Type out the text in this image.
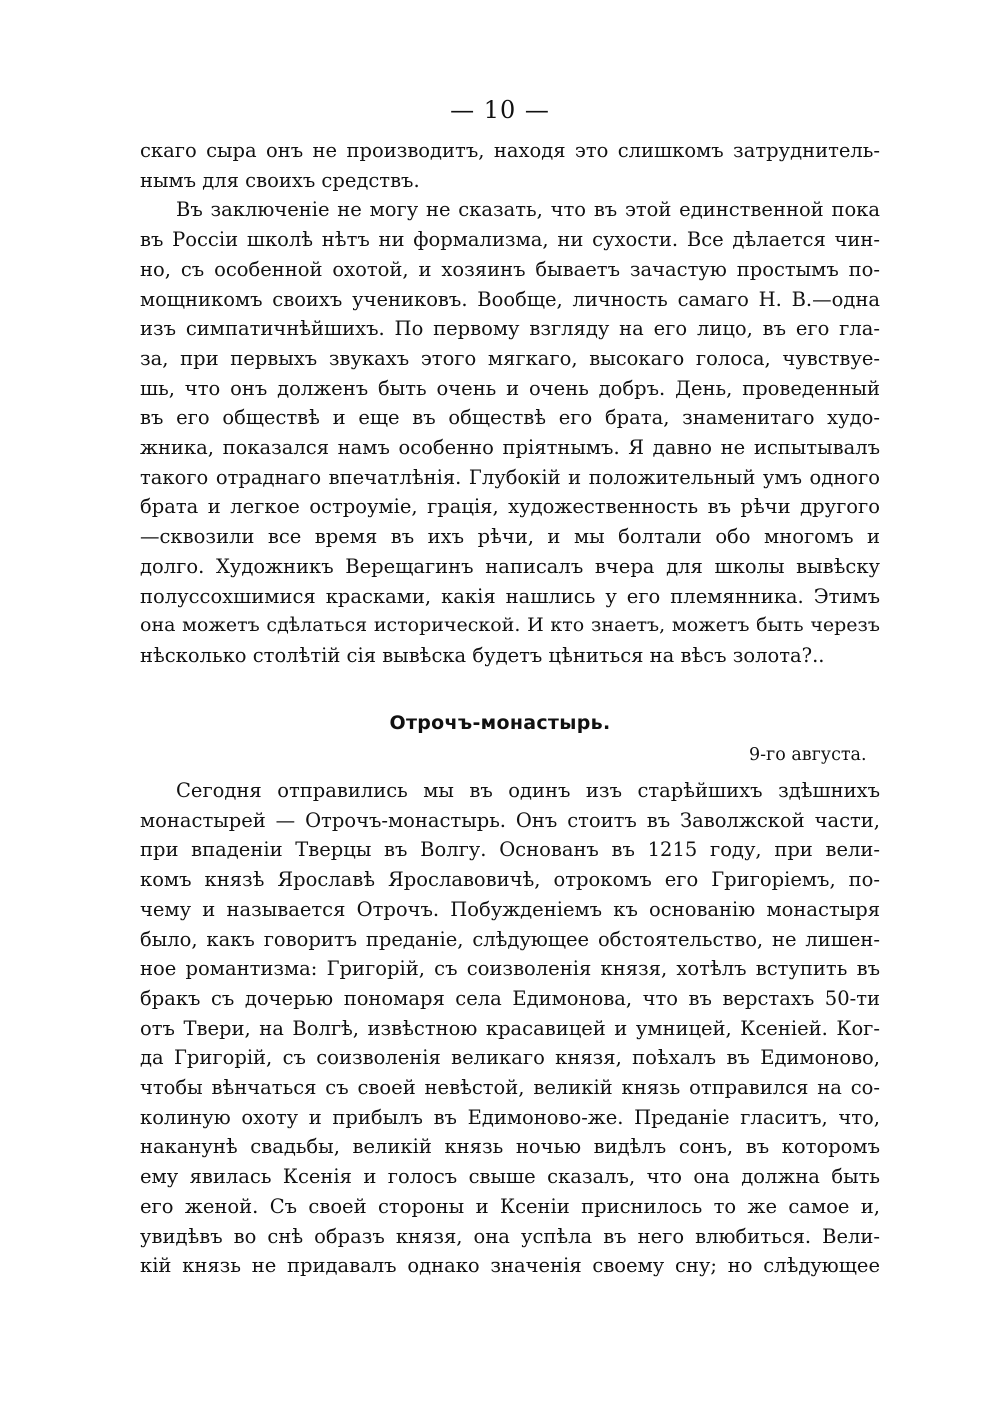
— 10 —
скаго сыра онъ не производитъ, находя это слишкомъ затруднитель-
нымъ для своихъ средствъ.
Въ заключенiе не могу не сказать, что въ этой единственной пока
въ Россiи школѣ нѣтъ ни формализма, ни сухости. Все дѣлается чин-
но, съ особенной охотой, и хозяинъ бываетъ зачастую простымъ по-
мощникомъ своихъ учениковъ. Вообще, личность самаго Н. В.—одна
изъ симпатичнѣйшихъ. По первому взгляду на его лицо, въ его гла-
за, при первыхъ звукахъ этого мягкаго, высокаго голоса, чувствуе-
шь, что онъ долженъ быть очень и очень добръ. День, проведенный
въ его обществѣ и еще въ обществѣ его брата, знаменитаго худо-
жника, показался намъ особенно прiятнымъ. Я давно не испытывалъ
такого отраднаго впечатлѣнiя. Глубокiй и положительный умъ одного
брата и легкое остроумiе, грацiя, художественность въ рѣчи другого
—сквозили все время въ ихъ рѣчи, и мы болтали обо многомъ и
долго. Художникъ Верещагинъ написалъ вчера для школы вывѣску
полуссохшимися красками, какiя нашлись у его племянника. Этимъ
она можетъ сдѣлаться исторической. И кто знаетъ, можетъ быть черезъ
нѣсколько столѣтiй сiя вывѣска будетъ цѣниться на вѣсъ золота?..
Отрочъ-монастырь.
9-го августа.
Сегодня отправились мы въ одинъ изъ старѣйшихъ здѣшнихъ
монастырей — Отрочъ-монастырь. Онъ стоитъ въ Заволжской части,
при впаденiи Тверцы въ Волгу. Основанъ въ 1215 году, при вели-
комъ князѣ Ярославѣ Ярославовичѣ, отрокомъ его Григорiемъ, по-
чему и называется Отрочъ. Побужденiемъ къ основанiю монастыря
было, какъ говоритъ преданiе, слѣдующее обстоятельство, не лишен-
ное романтизма: Григорiй, съ соизволенiя князя, хотѣлъ вступить въ
бракъ съ дочерью пономаря села Едимонова, что въ верстахъ 50-ти
отъ Твери, на Волгѣ, извѣстною красавицей и умницей, Ксенiей. Ког-
да Григорiй, съ соизволенiя великаго князя, поѣхалъ въ Едимоново,
чтобы вѣнчаться съ своей невѣстой, великiй князь отправился на со-
колиную охоту и прибылъ въ Едимоново-же. Преданiе гласитъ, что,
наканунѣ свадьбы, великiй князь ночью видѣлъ сонъ, въ которомъ
ему явилась Ксенiя и голосъ свыше сказалъ, что она должна быть
его женой. Съ своей стороны и Ксенiи приснилось то же самое и,
увидѣвъ во снѣ образъ князя, она успѣла въ него влюбиться. Вели-
кiй князь не придавалъ однако значенiя своему сну; но слѣдующее
